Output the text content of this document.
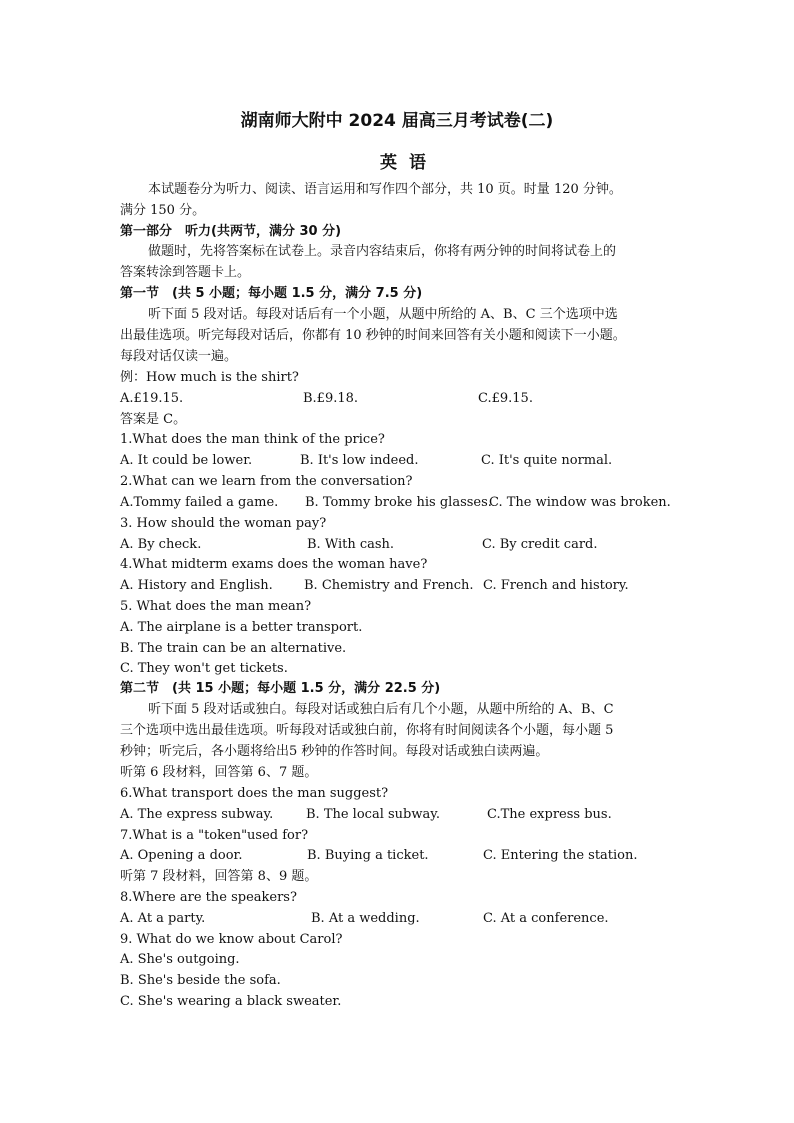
湖南师大附中 2024 届高三月考试卷(二)
英语
本试题卷分为听力、阅读、语言运用和写作四个部分，共 10 页。时量 120 分钟。
满分 150 分。
第一部分　听力(共两节，满分 30 分)
做题时，先将答案标在试卷上。录音内容结束后，你将有两分钟的时间将试卷上的
答案转涂到答题卡上。
第一节　(共 5 小题；每小题 1.5 分，满分 7.5 分)
听下面 5 段对话。每段对话后有一个小题，从题中所给的 A、B、C 三个选项中选
出最佳选项。听完每段对话后，你都有 10 秒钟的时间来回答有关小题和阅读下一小题。
每段对话仅读一遍。
例：How much is the shirt?
A.£19.15.	B.£9.18.	C.£9.15.
答案是 C。
1.What does the man think of the price?
A. It could be lower.	B. It's low indeed.	C. It's quite normal.
2.What can we learn from the conversation?
A.Tommy failed a game. B. Tommy broke his glasses.
C. The window was broken.
3. How should the woman pay?
A. By check.	B. With cash.	C. By credit card.
4.What midterm exams does the woman have?
A. History and English. B. Chemistry and French. C. French and history.
5. What does the man mean?
A. The airplane is a better transport.
B. The train can be an alternative.
C. They won't get tickets.
第二节　(共 15 小题；每小题 1.5 分，满分 22.5 分)
听下面 5 段对话或独白。每段对话或独白后有几个小题，从题中所给的 A、B、C
三个选项中选出最佳选项。听每段对话或独白前，你将有时间阅读各个小题，每小题 5
秒钟；听完后，各小题将给出5 秒钟的作答时间。每段对话或独白读两遍。
听第 6 段材料，回答第 6、7 题。
6.What transport does the man suggest?
A. The express subway.	B. The local subway.	C.The express bus.
7.What is a "token"used for?
A. Opening a door.	B. Buying a ticket.	C. Entering the station.
听第 7 段材料，回答第 8、9 题。
8.Where are the speakers?
A. At a party.	B. At a wedding.	C. At a conference.
9. What do we know about Carol?
A. She's outgoing.
B. She's beside the sofa.
C. She's wearing a black sweater.
